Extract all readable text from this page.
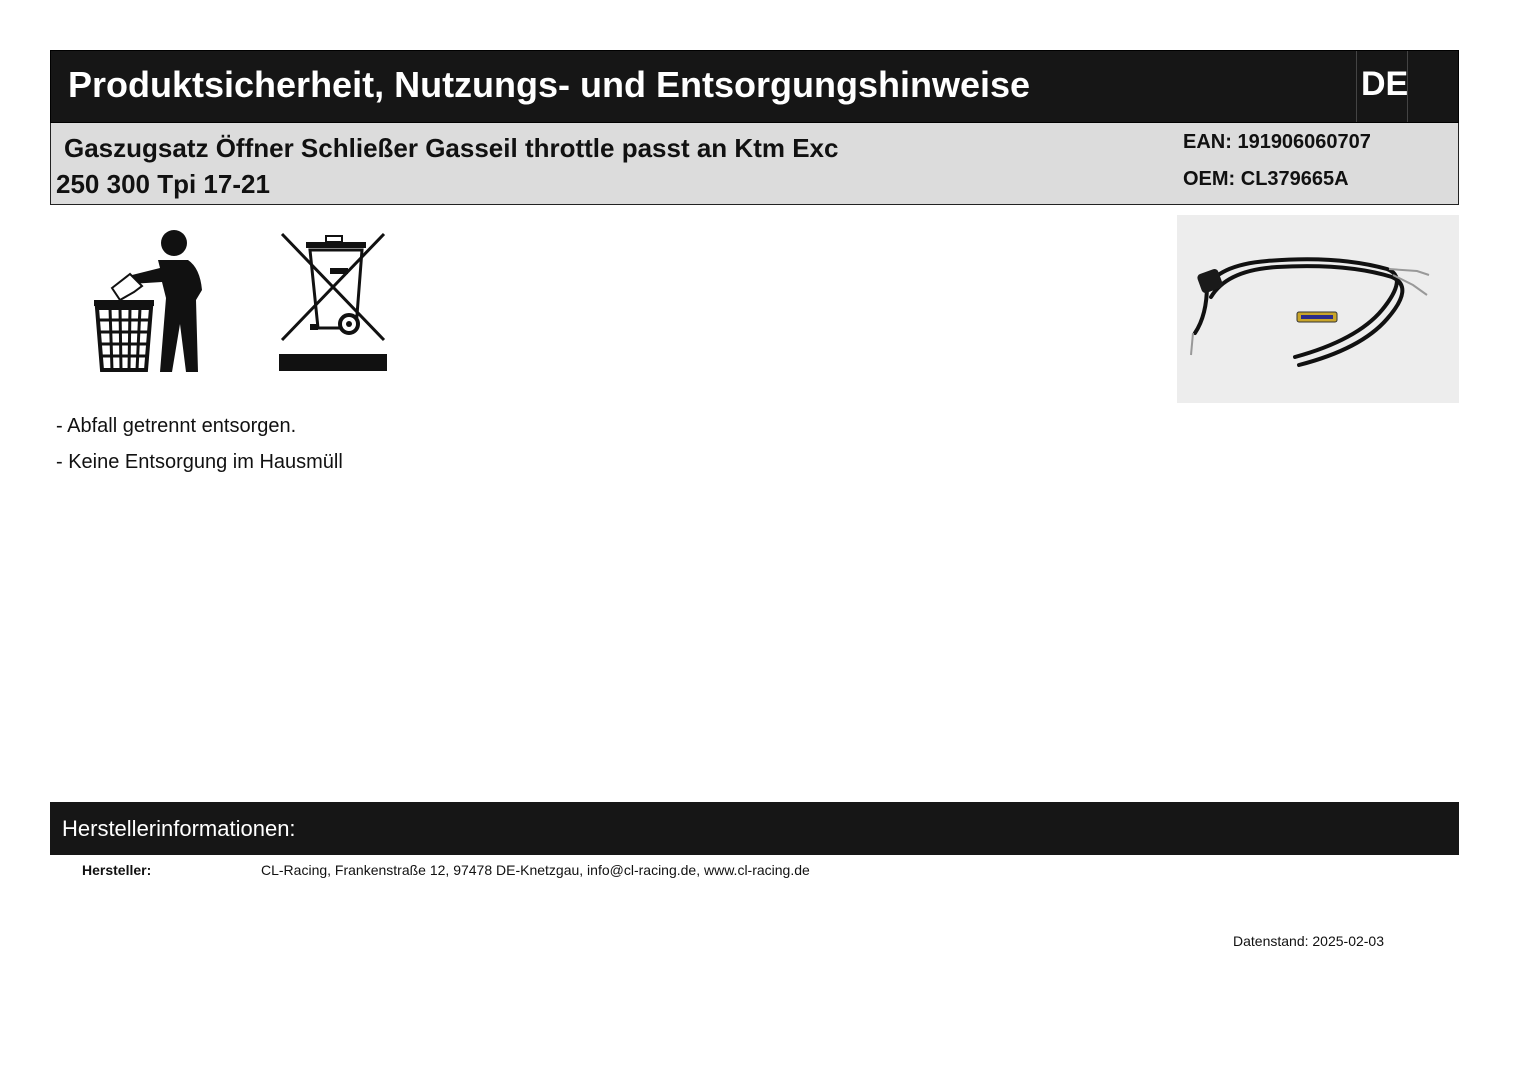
Produktsicherheit, Nutzungs- und Entsorgungshinweise	DE
Gaszugsatz Öffner Schließer Gasseil throttle passt an Ktm Exc
250 300 Tpi 17-21
EAN: 191906060707
OEM: CL379665A
- Abfall getrennt entsorgen.
- Keine Entsorgung im Hausmüll
Herstellerinformationen:
Hersteller:	CL-Racing, Frankenstraße 12, 97478 DE-Knetzgau, info@cl-racing.de, www.cl-racing.de
Datenstand: 2025-02-03
